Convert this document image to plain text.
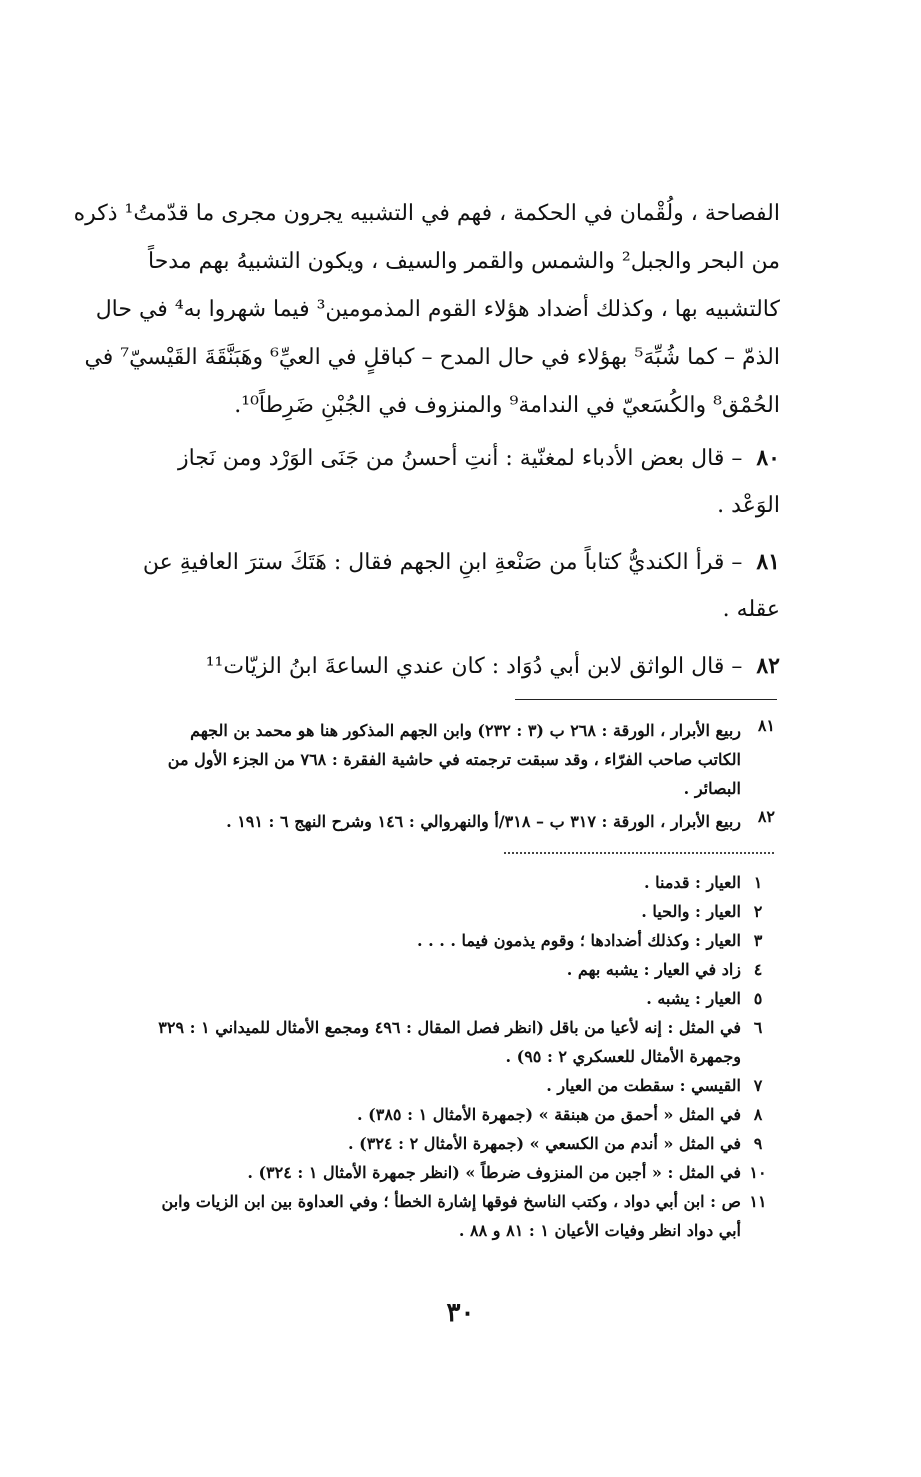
الفصاحة ، ولُقْمان في الحكمة ، فهم في التشبيه يجرون مجرى ما قدّمتُ¹ ذكره
من البحر والجبل² والشمس والقمر والسيف ، ويكون التشبيهُ بهم مدحاً
كالتشبيه بها ، وكذلك أضداد هؤلاء القوم المذمومين³ فيما شهروا به⁴ في حال
الذمّ – كما شُبِّهَ⁵ بهؤلاء في حال المدح – كباقلٍ في العيِّ⁶ وهَبَنَّقَةَ القَيْسيّ⁷ في
الحُمْق⁸ والكُسَعيّ في الندامة⁹ والمنزوف في الجُبْنِ ضَرِطاً¹⁰.
٨٠– قال بعض الأدباء لمغنّية : أنتِ أحسنُ من جَنَى الوَرْد ومن نَجاز
الوَعْد .
٨١– قرأ الكنديُّ كتاباً من صَنْعةِ ابنِ الجهم فقال : هَتَكَ سترَ العافيةِ عن
عقله .
٨٢– قال الواثق لابن أبي دُوَاد : كان عندي الساعةَ ابنُ الزيّات¹¹
٨١
ربيع الأبرار ، الورقة : ٢٦٨ ب (٣ : ٢٣٢) وابن الجهم المذكور هنا هو محمد بن الجهم
الكاتب صاحب الفرّاء ، وقد سبقت ترجمته في حاشية الفقرة : ٧٦٨ من الجزء الأول من
البصائر .
٨٢
ربيع الأبرار ، الورقة : ٣١٧ ب – ٣١٨/أ والنهروالي : ١٤٦ وشرح النهج ٦ : ١٩١ .
١
العيار : قدمنا .
٢
العيار : والحيا .
٣
العيار : وكذلك أضدادها ؛ وقوم يذمون فيما . . . .
٤
زاد في العيار : يشبه بهم .
٥
العيار : يشبه .
٦
في المثل : إنه لأعيا من باقل (انظر فصل المقال : ٤٩٦ ومجمع الأمثال للميداني ١ : ٣٢٩
وجمهرة الأمثال للعسكري ٢ : ٩٥) .
٧
القيسي : سقطت من العيار .
٨
في المثل « أحمق من هبنقة » (جمهرة الأمثال ١ : ٣٨٥) .
٩
في المثل « أندم من الكسعي » (جمهرة الأمثال ٢ : ٣٢٤) .
١٠
في المثل : « أجبن من المنزوف ضرطاً » (انظر جمهرة الأمثال ١ : ٣٢٤) .
١١
ص : ابن أبي دواد ، وكتب الناسخ فوقها إشارة الخطأ ؛ وفي العداوة بين ابن الزيات وابن
أبي دواد انظر وفيات الأعيان ١ : ٨١ و ٨٨ .
٣٠
